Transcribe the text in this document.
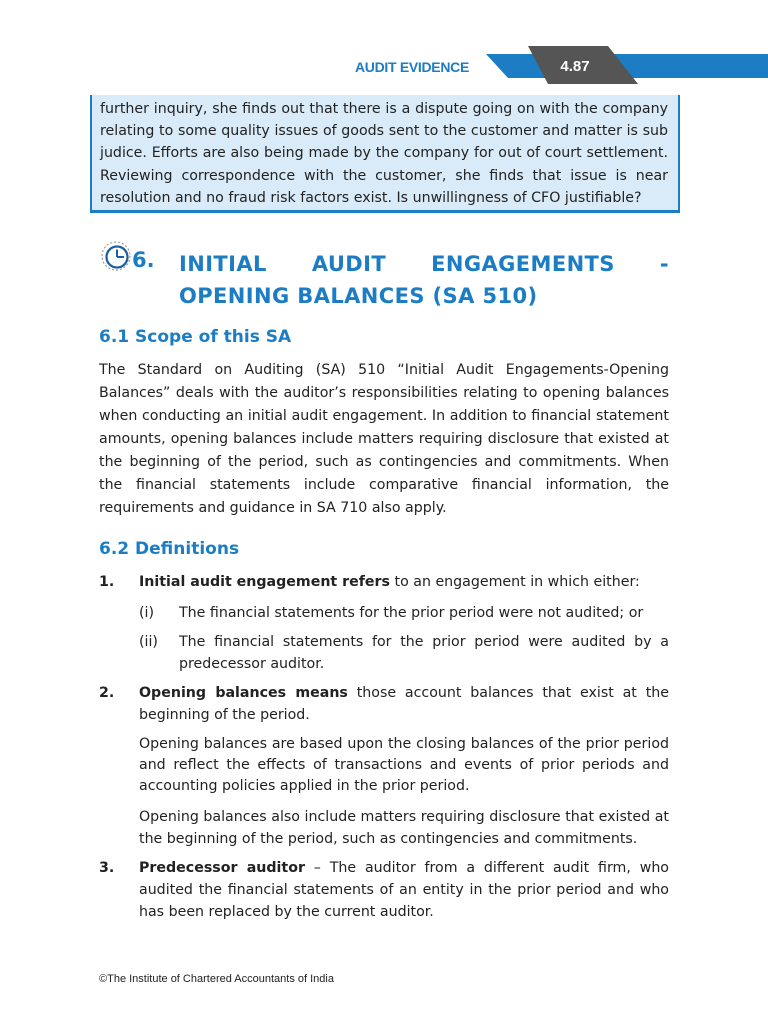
AUDIT EVIDENCE	4.87
further inquiry, she finds out that there is a dispute going on with the company relating to some quality issues of goods sent to the customer and matter is sub judice. Efforts are also being made by the company for out of court settlement. Reviewing correspondence with the customer, she finds that issue is near resolution and no fraud risk factors exist. Is unwillingness of CFO justifiable?
6. INITIAL AUDIT ENGAGEMENTS - OPENING BALANCES (SA 510)
6.1 Scope of this SA
The Standard on Auditing (SA) 510 “Initial Audit Engagements-Opening Balances” deals with the auditor’s responsibilities relating to opening balances when conducting an initial audit engagement. In addition to financial statement amounts, opening balances include matters requiring disclosure that existed at the beginning of the period, such as contingencies and commitments. When the financial statements include comparative financial information, the requirements and guidance in SA 710 also apply.
6.2 Definitions
1. Initial audit engagement refers to an engagement in which either:
(i) The financial statements for the prior period were not audited; or
(ii) The financial statements for the prior period were audited by a predecessor auditor.
2. Opening balances means those account balances that exist at the beginning of the period.
Opening balances are based upon the closing balances of the prior period and reflect the effects of transactions and events of prior periods and accounting policies applied in the prior period.
Opening balances also include matters requiring disclosure that existed at the beginning of the period, such as contingencies and commitments.
3. Predecessor auditor – The auditor from a different audit firm, who audited the financial statements of an entity in the prior period and who has been replaced by the current auditor.
©The Institute of Chartered Accountants of India
